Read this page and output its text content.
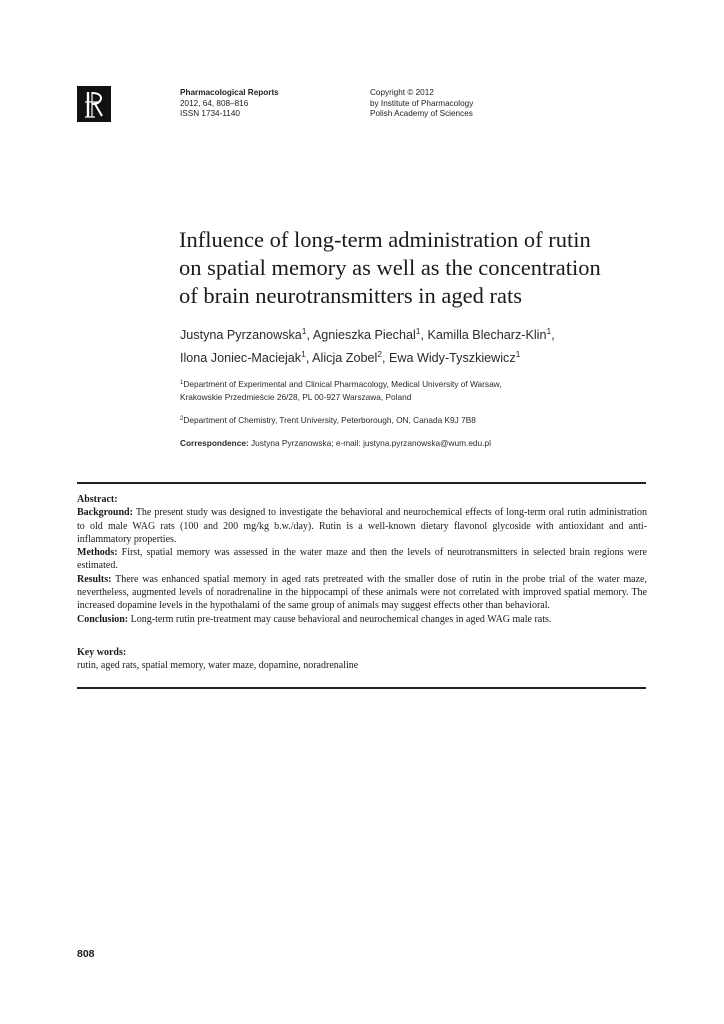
Pharmacological Reports
2012, 64, 808–816
ISSN 1734-1140
Copyright © 2012
by Institute of Pharmacology
Polish Academy of Sciences
Influence of long-term administration of rutin
on spatial memory as well as the concentration
of brain neurotransmitters in aged rats
Justyna Pyrzanowska$^1$, Agnieszka Piechal$^1$, Kamilla Blecharz-Klin$^1$,
Ilona Joniec-Maciejak$^1$, Alicja Zobel$^2$, Ewa Widy-Tyszkiewicz$^1$
$^1$Department of Experimental and Clinical Pharmacology, Medical University of Warsaw,
Krakowskie Przedmieście 26/28, PL 00-927 Warszawa, Poland
$^2$Department of Chemistry, Trent University, Peterborough, ON, Canada K9J 7B8
Correspondence: Justyna Pyrzanowska; e-mail: justyna.pyrzanowska@wum.edu.pl

Abstract:

Background: The present study was designed to investigate the behavioral and neurochemical effects of long-term oral rutin administration to old male WAG rats (100 and 200 mg/kg b.w./day). Rutin is a well-known dietary flavonol glycoside with antioxidant and anti-inflammatory properties.

Methods: First, spatial memory was assessed in the water maze and then the levels of neurotransmitters in selected brain regions were estimated.

Results: There was enhanced spatial memory in aged rats pretreated with the smaller dose of rutin in the probe trial of the water maze, nevertheless, augmented levels of noradrenaline in the hippocampi of these animals were not correlated with improved spatial memory. The increased dopamine levels in the hypothalami of the same group of animals may suggest effects other than behavioral.

Conclusion: Long-term rutin pre-treatment may cause behavioral and neurochemical changes in aged WAG male rats.

Key words:
rutin, aged rats, spatial memory, water maze, dopamine, noradrenaline
808
